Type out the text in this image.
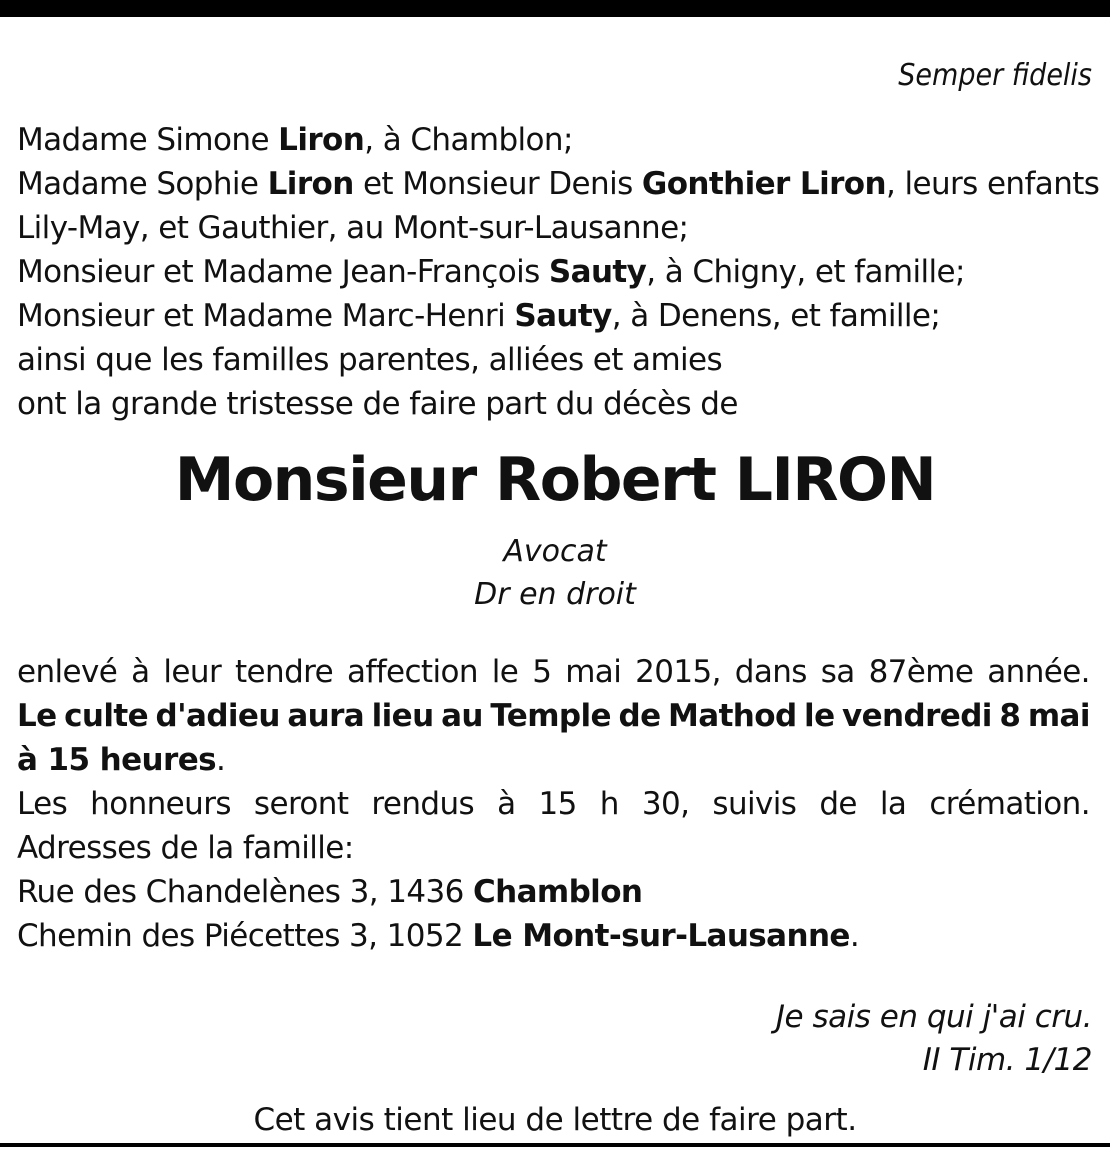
Semper fidelis
Madame Simone Liron, à Chamblon;
Madame Sophie Liron et Monsieur Denis Gonthier Liron, leurs enfants
Lily-May, et Gauthier, au Mont-sur-Lausanne;
Monsieur et Madame Jean-François Sauty, à Chigny, et famille;
Monsieur et Madame Marc-Henri Sauty, à Denens, et famille;
ainsi que les familles parentes, alliées et amies
ont la grande tristesse de faire part du décès de
Monsieur Robert LIRON
Avocat
Dr en droit
enlevé à leur tendre affection le 5 mai 2015, dans sa 87ème année.
Le culte d'adieu aura lieu au Temple de Mathod le vendredi 8 mai
à 15 heures.
Les honneurs seront rendus à 15 h 30, suivis de la crémation.
Adresses de la famille:
Rue des Chandelènes 3, 1436 Chamblon
Chemin des Piécettes 3, 1052 Le Mont-sur-Lausanne.
Je sais en qui j'ai cru.
II Tim. 1/12
Cet avis tient lieu de lettre de faire part.
